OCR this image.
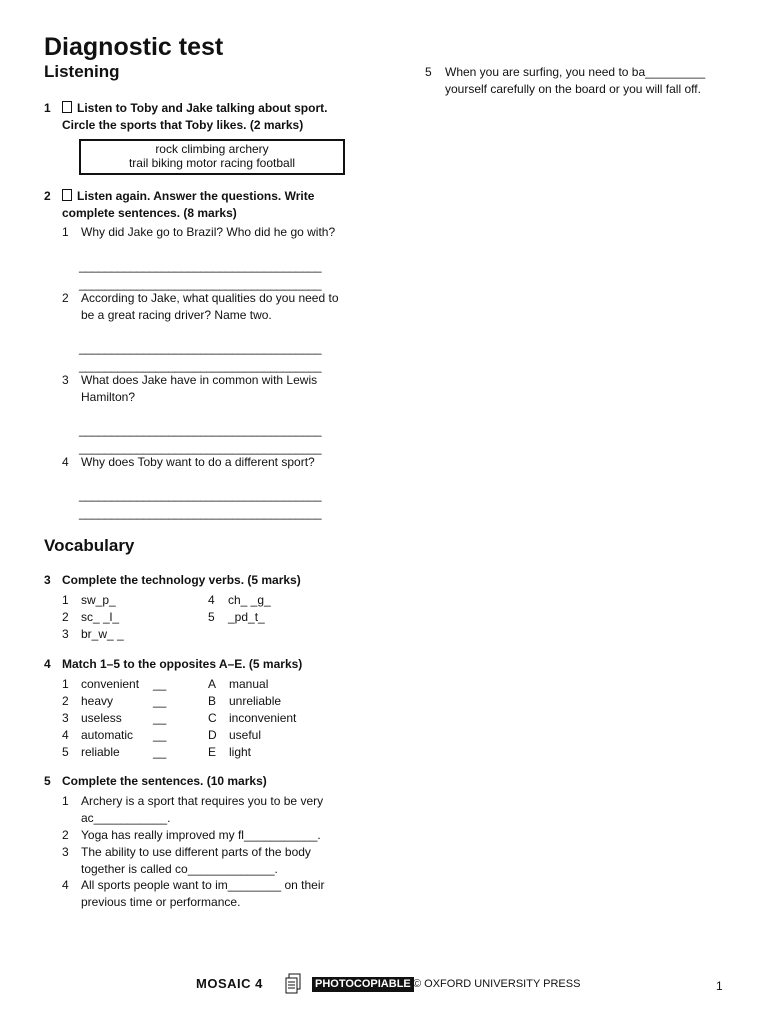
Diagnostic test
Listening
1	Listen to Toby and Jake talking about sport.
Circle the sports that Toby likes. (2 marks)
rock climbing archery
trail biking motor racing football
2	Listen again. Answer the questions. Write
complete sentences. (8 marks)
1 Why did Jake go to Brazil? Who did he go with?
______________________________________
______________________________________
2 According to Jake, what qualities do you need to
be a great racing driver? Name two.
______________________________________
______________________________________
3 What does Jake have in common with Lewis
Hamilton?
______________________________________
______________________________________
4 Why does Toby want to do a different sport?
______________________________________
______________________________________
5 When you are surfing, you need to ba_________
yourself carefully on the board or you will fall off.
Vocabulary
3 Complete the technology verbs. (5 marks)
1 sw_p_
2 sc_ _l_
3 br_w_ _
4 ch_ _g_
5 _pd_t_
4 Match 1–5 to the opposites A–E. (5 marks)
1 convenient __	A manual
2 heavy	__	B unreliable
3 useless	__	C inconvenient
4 automatic __	D useful
5 reliable	__	E light
5 Complete the sentences. (10 marks)
1 Archery is a sport that requires you to be very
ac___________.
2 Yoga has really improved my fl___________.
3 The ability to use different parts of the body
together is called co_____________.
4 All sports people want to im________ on their
previous time or performance.
MOSAIC 4	PHOTOCOPIABLE © OXFORD UNIVERSITY PRESS	1
